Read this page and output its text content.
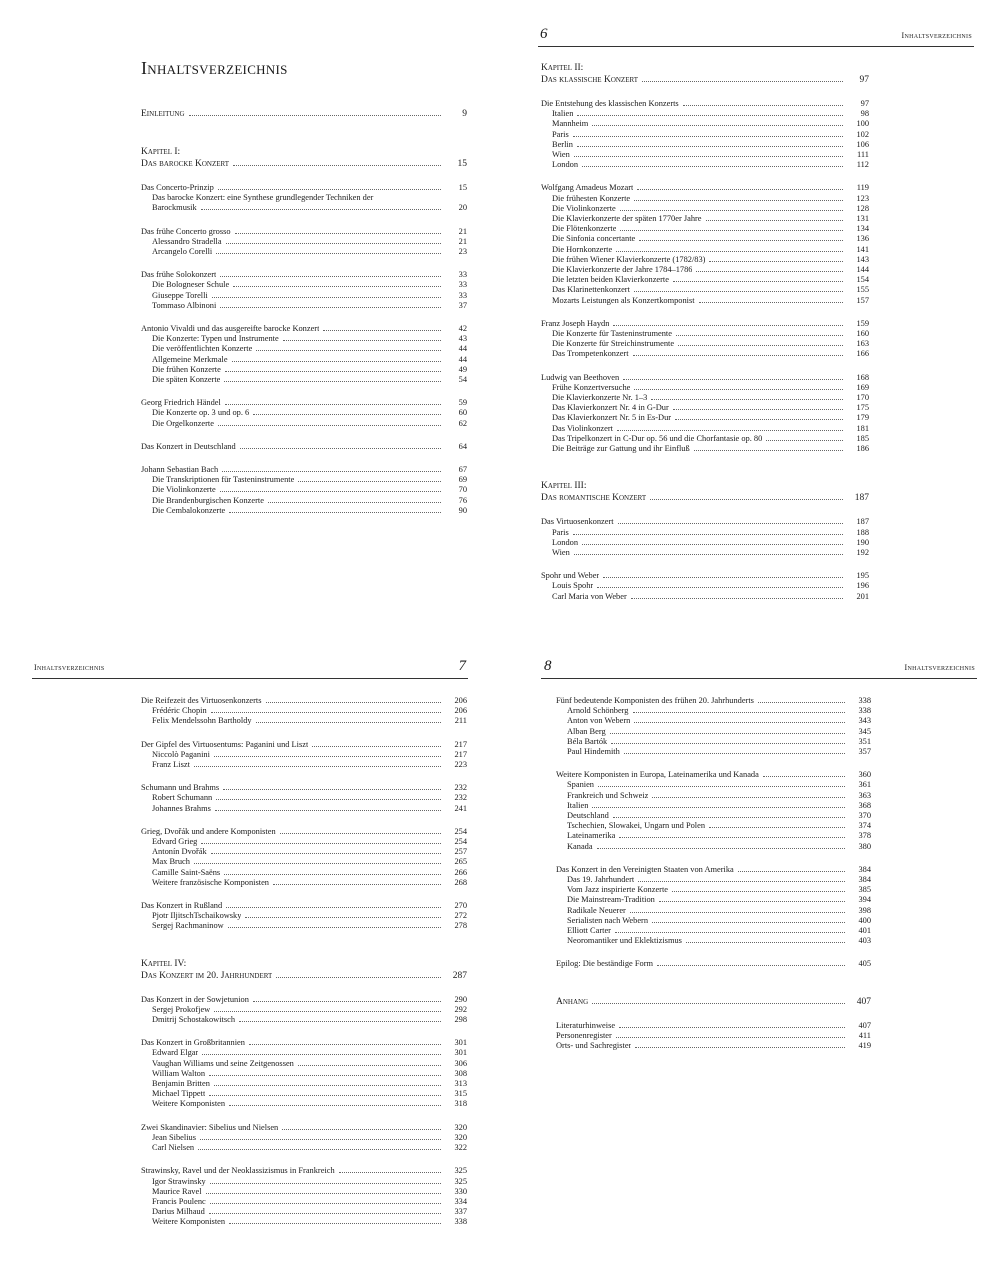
Inhaltsverzeichnis
Einleitung	9
Kapitel I:
Das barocke Konzert	15
Das Concerto-Prinzip	15
Das barocke Konzert: eine Synthese grundlegender Techniken der
Barockmusik	20
Das frühe Concerto grosso	21
Alessandro Stradella	21
Arcangelo Corelli	23
Das frühe Solokonzert	33
Die Bologneser Schule	33
Giuseppe Torelli	33
Tommaso Albinoni	37
Antonio Vivaldi und das ausgereifte barocke Konzert	42
Die Konzerte: Typen und Instrumente	43
Die veröffentlichten Konzerte	44
Allgemeine Merkmale	44
Die frühen Konzerte	49
Die späten Konzerte	54
Georg Friedrich Händel	59
Die Konzerte op. 3 und op. 6	60
Die Orgelkonzerte	62
Das Konzert in Deutschland	64
Johann Sebastian Bach	67
Die Transkriptionen für Tasteninstrumente	69
Die Violinkonzerte	70
Die Brandenburgischen Konzerte	76
Die Cembalokonzerte	90
6	Inhaltsverzeichnis
Kapitel II:
Das klassische Konzert	97
Die Entstehung des klassischen Konzerts	97
Italien	98
Mannheim	100
Paris	102
Berlin	106
Wien	111
London	112
Wolfgang Amadeus Mozart	119
Die frühesten Konzerte	123
Die Violinkonzerte	128
Die Klavierkonzerte der späten 1770er Jahre	131
Die Flötenkonzerte	134
Die Sinfonia concertante	136
Die Hornkonzerte	141
Die frühen Wiener Klavierkonzerte (1782/83)	143
Die Klavierkonzerte der Jahre 1784–1786	144
Die letzten beiden Klavierkonzerte	154
Das Klarinettenkonzert	155
Mozarts Leistungen als Konzertkomponist	157
Franz Joseph Haydn	159
Die Konzerte für Tasteninstrumente	160
Die Konzerte für Streichinstrumente	163
Das Trompetenkonzert	166
Ludwig van Beethoven	168
Frühe Konzertversuche	169
Die Klavierkonzerte Nr. 1–3	170
Das Klavierkonzert Nr. 4 in G-Dur	175
Das Klavierkonzert Nr. 5 in Es-Dur	179
Das Violinkonzert	181
Das Tripelkonzert in C-Dur op. 56 und die Chorfantasie op. 80	185
Die Beiträge zur Gattung und ihr Einfluß	186
Kapitel III:
Das romantische Konzert	187
Das Virtuosenkonzert	187
Paris	188
London	190
Wien	192
Spohr und Weber	195
Louis Spohr	196
Carl Maria von Weber	201
Inhaltsverzeichnis	7
Die Reifezeit des Virtuosenkonzerts	206
Frédéric Chopin	206
Felix Mendelssohn Bartholdy	211
Der Gipfel des Virtuosentums: Paganini und Liszt	217
Niccolò Paganini	217
Franz Liszt	223
Schumann und Brahms	232
Robert Schumann	232
Johannes Brahms	241
Grieg, Dvořák und andere Komponisten	254
Edvard Grieg	254
Antonín Dvořák	257
Max Bruch	265
Camille Saint-Saëns	266
Weitere französische Komponisten	268
Das Konzert in Rußland	270
Pjotr IljitschTschaikowsky	272
Sergej Rachmaninow	278
Kapitel IV:
Das Konzert im 20. Jahrhundert	287
Das Konzert in der Sowjetunion	290
Sergej Prokofjew	292
Dmitrij Schostakowitsch	298
Das Konzert in Großbritannien	301
Edward Elgar	301
Vaughan Williams und seine Zeitgenossen	306
William Walton	308
Benjamin Britten	313
Michael Tippett	315
Weitere Komponisten	318
Zwei Skandinavier: Sibelius und Nielsen	320
Jean Sibelius	320
Carl Nielsen	322
Strawinsky, Ravel und der Neoklassizismus in Frankreich	325
Igor Strawinsky	325
Maurice Ravel	330
Francis Poulenc	334
Darius Milhaud	337
Weitere Komponisten	338
8	Inhaltsverzeichnis
Fünf bedeutende Komponisten des frühen 20. Jahrhunderts	338
Arnold Schönberg	338
Anton von Webern	343
Alban Berg	345
Béla Bartók	351
Paul Hindemith	357
Weitere Komponisten in Europa, Lateinamerika und Kanada	360
Spanien	361
Frankreich und Schweiz	363
Italien	368
Deutschland	370
Tschechien, Slowakei, Ungarn und Polen	374
Lateinamerika	378
Kanada	380
Das Konzert in den Vereinigten Staaten von Amerika	384
Das 19. Jahrhundert	384
Vom Jazz inspirierte Konzerte	385
Die Mainstream-Tradition	394
Radikale Neuerer	398
Serialisten nach Webern	400
Elliott Carter	401
Neoromantiker und Eklektizismus	403
Epilog: Die beständige Form	405
Anhang	407
Literaturhinweise	407
Personenregister	411
Orts- und Sachregister	419
